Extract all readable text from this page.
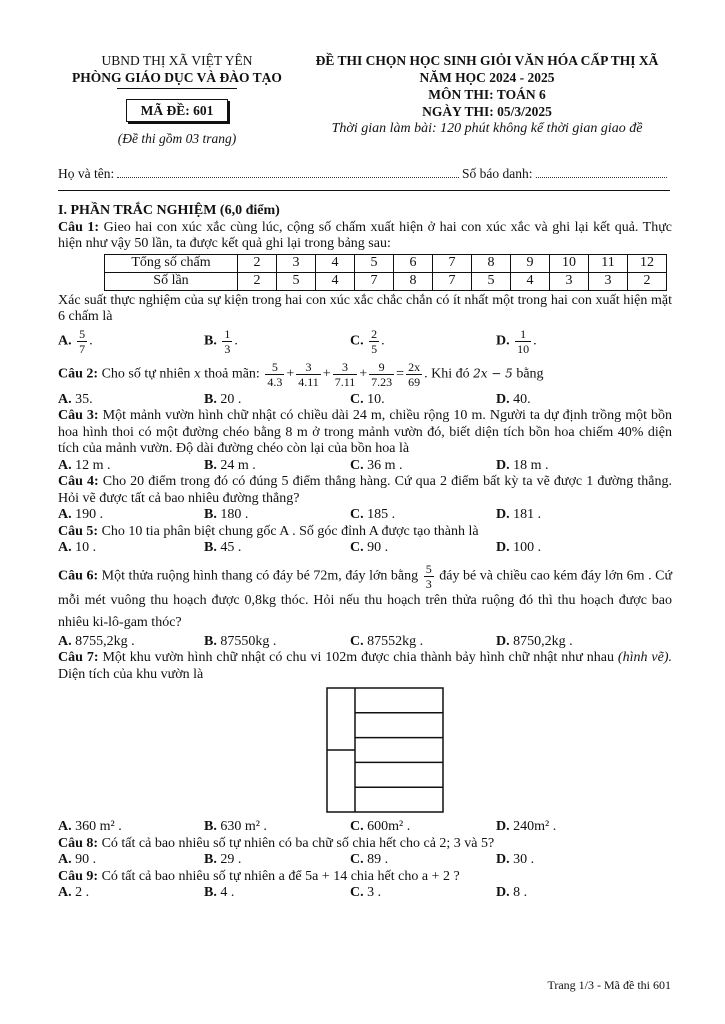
UBND THỊ XÃ VIỆT YÊN
PHÒNG GIÁO DỤC VÀ ĐÀO TẠO
MÃ ĐỀ: 601
(Đề thi gồm 03 trang)
ĐỀ THI CHỌN HỌC SINH GIỎI VĂN HÓA CẤP THỊ XÃ
NĂM HỌC 2024 - 2025
MÔN THI: TOÁN 6
NGÀY THI: 05/3/2025
Thời gian làm bài: 120 phút không kể thời gian giao đề
Họ và tên:	Số báo danh:

I. PHẦN TRẮC NGHIỆM (6,0 điểm)

Câu 1: Gieo hai con xúc xắc cùng lúc, cộng số chấm xuất hiện ở hai con xúc xắc và ghi lại kết quả. Thực hiện như vậy 50 lần, ta được kết quả ghi lại trong bảng sau:

Tổng số chấm	2	3	4	5	6	7	8	9	10	11	12
Số lần	2	5	4	7	8	7	5	4	3	3	2

Xác suất thực nghiệm của sự kiện trong hai con xúc xắc chắc chắn có ít nhất một trong hai con xuất hiện mặt 6 chấm là

A. $\frac{5}{7}$ .	B. $\frac{1}{3}$ .	C. $\frac{2}{5}$ .	D. $\frac{1}{10}$ .

Câu 2: Cho số tự nhiên x thoả mãn: $\frac{5}{4.3} + \frac{3}{4.11} + \frac{3}{7.11} + \frac{9}{7.23} = \frac{2x}{69}$ . Khi đó 2x − 5 bằng

A. 35.	B. 20 .	C. 10.	D. 40.

Câu 3: Một mảnh vườn hình chữ nhật có chiều dài 24 m, chiều rộng 10 m. Người ta dự định trồng một bồn hoa hình thoi có một đường chéo bằng 8 m ở trong mảnh vườn đó, biết diện tích bồn hoa chiếm 40% diện tích của mảnh vườn. Độ dài đường chéo còn lại của bồn hoa là

A. 12 m .	B. 24 m .	C. 36 m .	D. 18 m .

Câu 4: Cho 20 điểm trong đó có đúng 5 điểm thẳng hàng. Cứ qua 2 điểm bất kỳ ta vẽ được 1 đường thẳng. Hỏi vẽ được tất cả bao nhiêu đường thẳng?

A. 190 .	B. 180 .	C. 185 .	D. 181 .

Câu 5: Cho 10 tia phân biệt chung gốc A . Số góc đỉnh A được tạo thành là

A. 10 .	B. 45 .	C. 90 .	D. 100 .

Câu 6: Một thửa ruộng hình thang có đáy bé 72m, đáy lớn bằng $\frac{5}{3}$ đáy bé và chiều cao kém đáy lớn 6m . Cứ mỗi mét vuông thu hoạch được 0,8kg thóc. Hỏi nếu thu hoạch trên thửa ruộng đó thì thu hoạch được bao nhiêu ki-lô-gam thóc?

A. 8755,2kg .	B. 87550kg .	C. 87552kg .	D. 8750,2kg .

Câu 7: Một khu vườn hình chữ nhật có chu vi 102m được chia thành bảy hình chữ nhật như nhau (hình vẽ). Diện tích của khu vườn là

A. 360 m² .	B. 630 m² .	C. 600m² .	D. 240m² .

Câu 8: Có tất cả bao nhiêu số tự nhiên có ba chữ số chia hết cho cả 2; 3 và 5?

A. 90 .	B. 29 .	C. 89 .	D. 30 .

Câu 9: Có tất cả bao nhiêu số tự nhiên a để 5a + 14 chia hết cho a + 2 ?

A. 2 .	B. 4 .	C. 3 .	D. 8 .
Trang 1/3 - Mã đề thi 601
